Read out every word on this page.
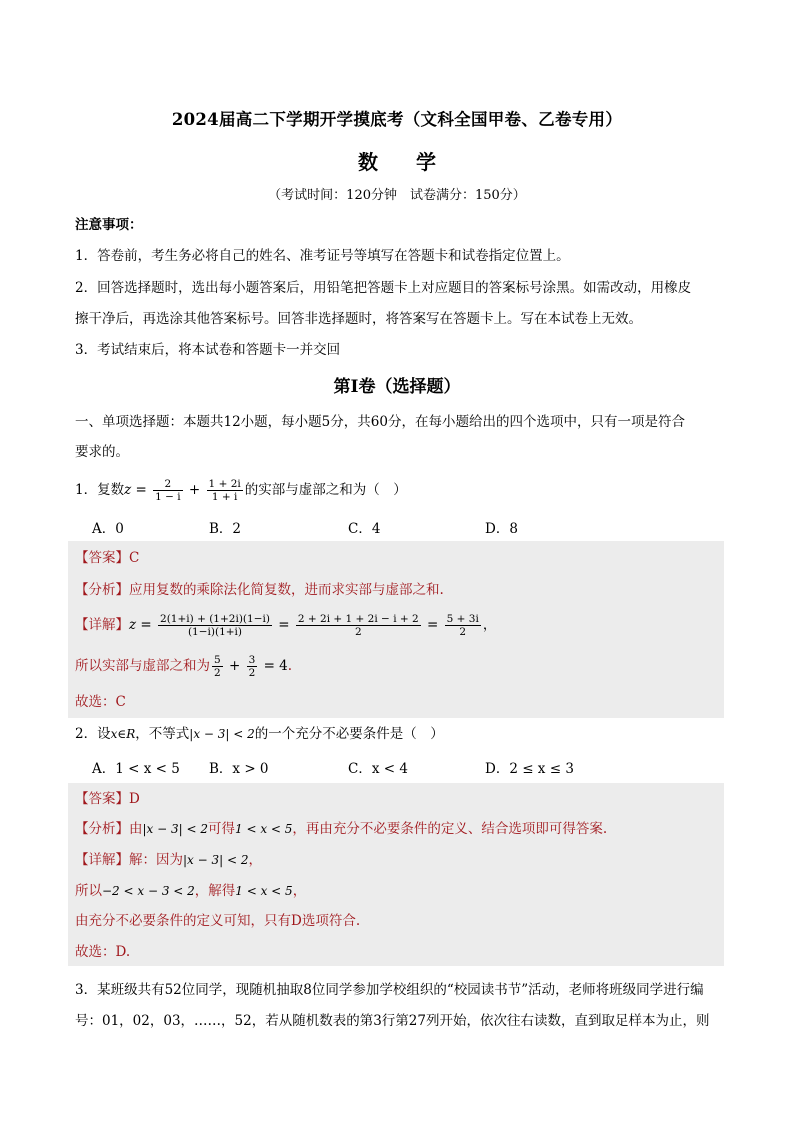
2024届高二下学期开学摸底考（文科全国甲卷、乙卷专用）
数学
（考试时间：120分钟　试卷满分：150分）
注意事项：
1．答卷前，考生务必将自己的姓名、准考证号等填写在答题卡和试卷指定位置上。
2．回答选择题时，选出每小题答案后，用铅笔把答题卡上对应题目的答案标号涂黑。如需改动，用橡皮
擦干净后，再选涂其他答案标号。回答非选择题时，将答案写在答题卡上。写在本试卷上无效。
3．考试结束后，将本试卷和答题卡一并交回
第I卷（选择题）
一、单项选择题：本题共12小题，每小题5分，共60分，在每小题给出的四个选项中，只有一项是符合
要求的。
1．复数$z = \frac{2}{1 - i} + \frac{1 + 2i}{1 + i}$ 的实部与虚部之和为（　）
A．0	B．2	C．4	D．8
【答案】C
【分析】应用复数的乘除法化简复数，进而求实部与虚部之和.
【详解】$z = \frac{2(1+i) + (1+2i)(1-i)}{(1-i)(1+i)} = \frac{2 + 2i + 1 + 2i - i + 2}{2} = \frac{5 + 3i}{2}$ ，
所以实部与虚部之和为 $\frac{5}{2} + \frac{3}{2} = 4$.
故选：C
2．设x∈R，不等式|x − 3| < 2的一个充分不必要条件是（　）
A．1 < x < 5 B．x > 0	C．x < 4	D．2 ≤ x ≤ 3
【答案】D
【分析】由|x − 3| < 2可得1 < x < 5，再由充分不必要条件的定义、结合选项即可得答案.
【详解】解：因为|x − 3| < 2，
所以−2 < x − 3 < 2，解得1 < x < 5，
由充分不必要条件的定义可知，只有D选项符合.
故选：D.
3．某班级共有52位同学，现随机抽取8位同学参加学校组织的“校园读书节”活动，老师将班级同学进行编
号：01，02，03，……，52，若从随机数表的第3行第27列开始，依次往右读数，直到取足样本为止，则
